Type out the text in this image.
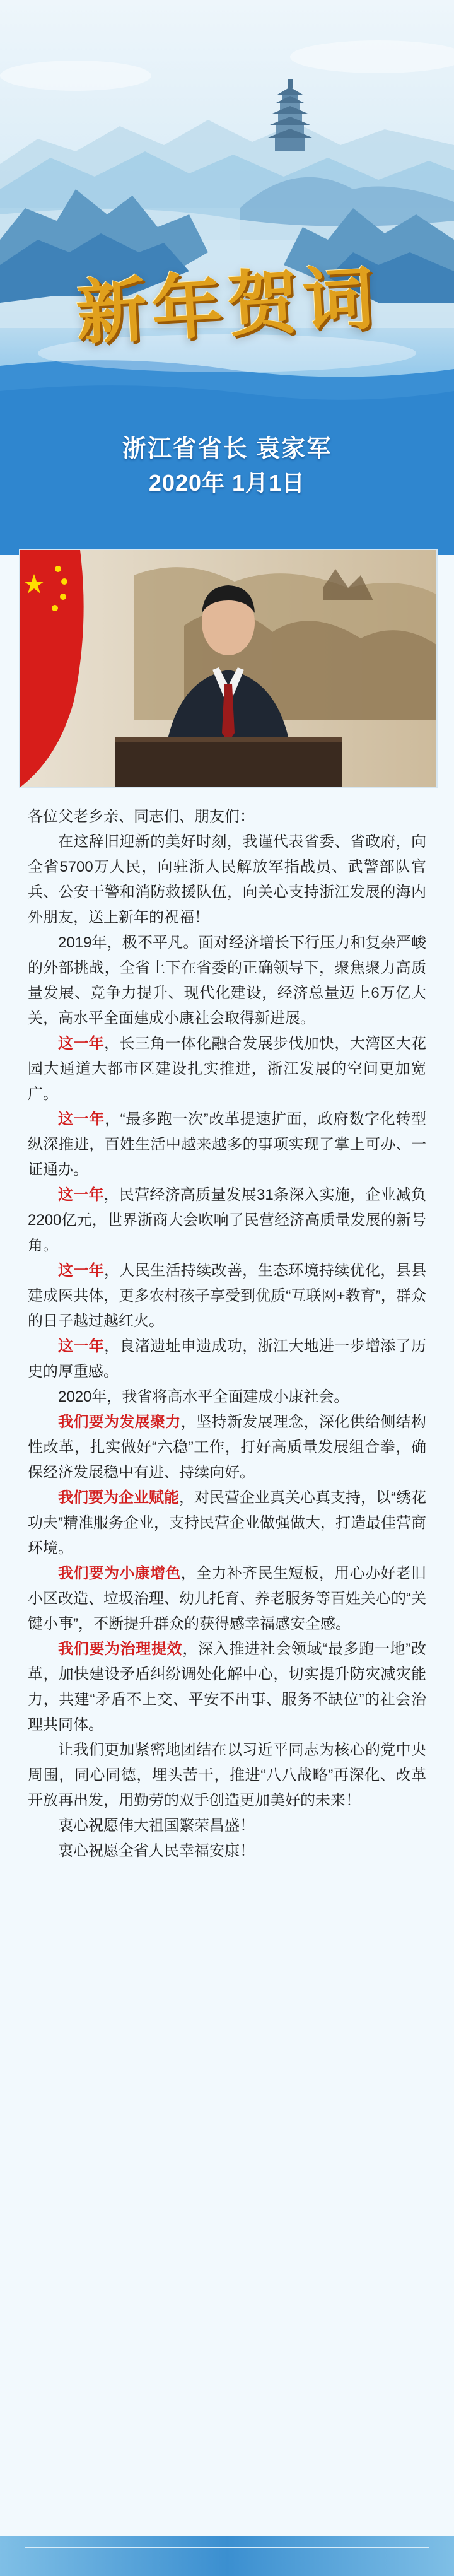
新年贺词
浙江省省长 袁家军
2020年 1月1日

各位父老乡亲、同志们、朋友们：

在这辞旧迎新的美好时刻，我谨代表省委、省政府，向全省5700万人民，向驻浙人民解放军指战员、武警部队官兵、公安干警和消防救援队伍，向关心支持浙江发展的海内外朋友，送上新年的祝福！

2019年，极不平凡。面对经济增长下行压力和复杂严峻的外部挑战，全省上下在省委的正确领导下，聚焦聚力高质量发展、竞争力提升、现代化建设，经济总量迈上6万亿大关，高水平全面建成小康社会取得新进展。

这一年，长三角一体化融合发展步伐加快，大湾区大花园大通道大都市区建设扎实推进，浙江发展的空间更加宽广。

这一年，“最多跑一次”改革提速扩面，政府数字化转型纵深推进，百姓生活中越来越多的事项实现了掌上可办、一证通办。

这一年，民营经济高质量发展31条深入实施，企业减负2200亿元，世界浙商大会吹响了民营经济高质量发展的新号角。

这一年，人民生活持续改善，生态环境持续优化，县县建成医共体，更多农村孩子享受到优质“互联网+教育”，群众的日子越过越红火。

这一年，良渚遗址申遗成功，浙江大地进一步增添了历史的厚重感。

2020年，我省将高水平全面建成小康社会。

我们要为发展聚力，坚持新发展理念，深化供给侧结构性改革，扎实做好“六稳”工作，打好高质量发展组合拳，确保经济发展稳中有进、持续向好。

我们要为企业赋能，对民营企业真关心真支持，以“绣花功夫”精准服务企业，支持民营企业做强做大，打造最佳营商环境。

我们要为小康增色，全力补齐民生短板，用心办好老旧小区改造、垃圾治理、幼儿托育、养老服务等百姓关心的“关键小事”，不断提升群众的获得感幸福感安全感。

我们要为治理提效，深入推进社会领域“最多跑一地”改革，加快建设矛盾纠纷调处化解中心，切实提升防灾减灾能力，共建“矛盾不上交、平安不出事、服务不缺位”的社会治理共同体。

让我们更加紧密地团结在以习近平同志为核心的党中央周围，同心同德，埋头苦干，推进“八八战略”再深化、改革开放再出发，用勤劳的双手创造更加美好的未来！

衷心祝愿伟大祖国繁荣昌盛！

衷心祝愿全省人民幸福安康！
